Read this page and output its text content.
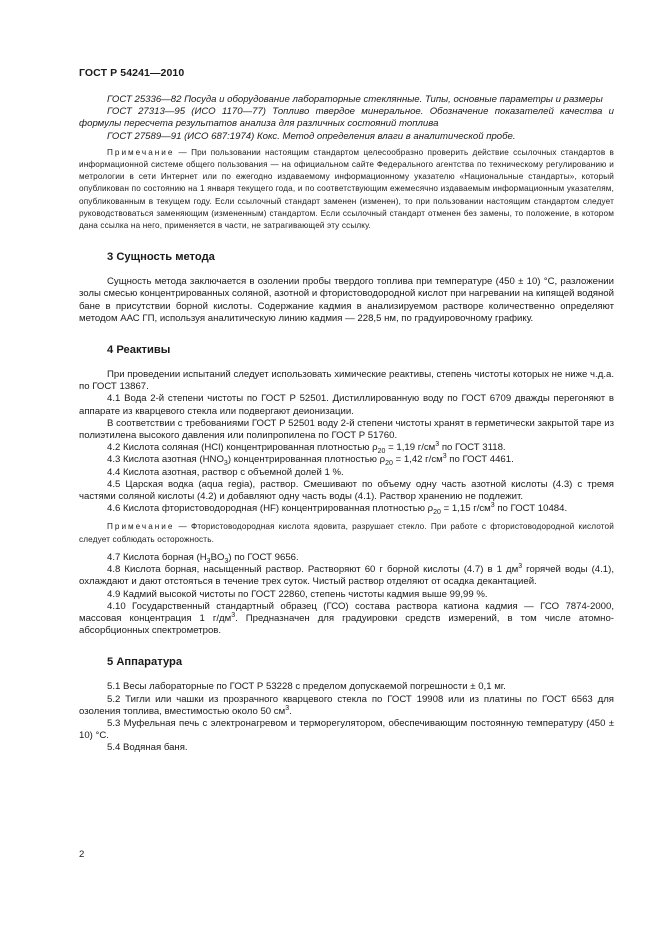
ГОСТ Р 54241—2010

ГОСТ 25336—82 Посуда и оборудование лабораторные стеклянные. Типы, основные параметры и размеры

ГОСТ 27313—95 (ИСО 1170—77) Топливо твердое минеральное. Обозначение показателей качества и формулы пересчета результатов анализа для различных состояний топлива

ГОСТ 27589—91 (ИСО 687:1974) Кокс. Метод определения влаги в аналитической пробе.

Примечание — При пользовании настоящим стандартом целесообразно проверить действие ссылочных стандартов в информационной системе общего пользования — на официальном сайте Федерального агентства по техническому регулированию и метрологии в сети Интернет или по ежегодно издаваемому информационному указателю «Национальные стандарты», который опубликован по состоянию на 1 января текущего года, и по соответствующим ежемесячно издаваемым информационным указателям, опубликованным в текущем году. Если ссылочный стандарт заменен (изменен), то при пользовании настоящим стандартом следует руководствоваться заменяющим (измененным) стандартом. Если ссылочный стандарт отменен без замены, то положение, в котором дана ссылка на него, применяется в части, не затрагивающей эту ссылку.

3 Сущность метода

Сущность метода заключается в озолении пробы твердого топлива при температуре (450 ± 10) °С, разложении золы смесью концентрированных соляной, азотной и фтористоводородной кислот при нагревании на кипящей водяной бане в присутствии борной кислоты. Содержание кадмия в анализируемом растворе количественно определяют методом ААС ГП, используя аналитическую линию кадмия — 228,5 нм, по градуировочному графику.

4 Реактивы

При проведении испытаний следует использовать химические реактивы, степень чистоты которых не ниже ч.д.а. по ГОСТ 13867.

4.1 Вода 2-й степени чистоты по ГОСТ Р 52501. Дистиллированную воду по ГОСТ 6709 дважды перегоняют в аппарате из кварцевого стекла или подвергают деионизации.

В соответствии с требованиями ГОСТ Р 52501 воду 2-й степени чистоты хранят в герметически закрытой таре из полиэтилена высокого давления или полипропилена по ГОСТ Р 51760.

4.2 Кислота соляная (HCl) концентрированная плотностью $\rho_{20} = 1,19$ $г/см^3$ по ГОСТ 3118.

4.3 Кислота азотная $(HNO_3)$ концентрированная плотностью $\rho_{20} = 1,42$ $г/см^3$ по ГОСТ 4461.

4.4 Кислота азотная, раствор с объемной долей 1 %.

4.5 Царская водка (aqua regia), раствор. Смешивают по объему одну часть азотной кислоты (4.3) с тремя частями соляной кислоты (4.2) и добавляют одну часть воды (4.1). Раствор хранению не подлежит.

4.6 Кислота фтористоводородная (HF) концентрированная плотностью $\rho_{20} = 1,15$ $г/см^3$ по ГОСТ 10484.

Примечание — Фтористоводородная кислота ядовита, разрушает стекло. При работе с фтористоводородной кислотой следует соблюдать осторожность.

4.7 Кислота борная $(H_3BO_3)$ по ГОСТ 9656.

4.8 Кислота борная, насыщенный раствор. Растворяют 60 г борной кислоты (4.7) в 1 $дм^3$ горячей воды (4.1), охлаждают и дают отстояться в течение трех суток. Чистый раствор отделяют от осадка декантацией.

4.9 Кадмий высокой чистоты по ГОСТ 22860, степень чистоты кадмия выше 99,99 %.

4.10 Государственный стандартный образец (ГСО) состава раствора катиона кадмия — ГСО 7874-2000, массовая концентрация 1 $г/дм^3$. Предназначен для градуировки средств измерений, в том числе атомно-абсорбционных спектрометров.

5 Аппаратура

5.1 Весы лабораторные по ГОСТ Р 53228 с пределом допускаемой погрешности ± 0,1 мг.

5.2 Тигли или чашки из прозрачного кварцевого стекла по ГОСТ 19908 или из платины по ГОСТ 6563 для озоления топлива, вместимостью около 50 $см^3$.

5.3 Муфельная печь с электронагревом и терморегулятором, обеспечивающим постоянную температуру (450 ± 10) °С.

5.4 Водяная баня.

2
